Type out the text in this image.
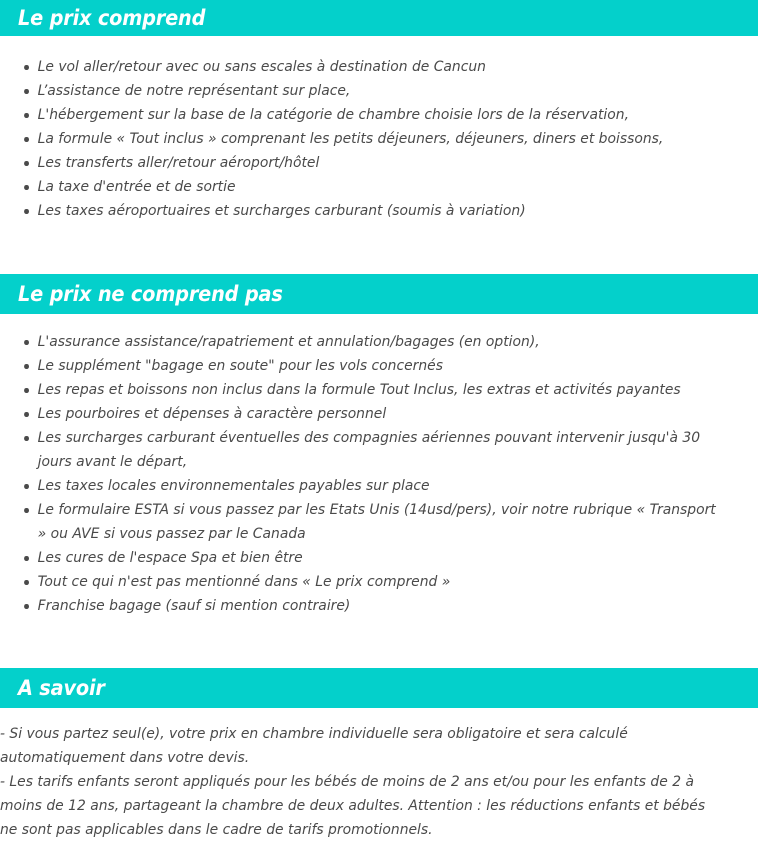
Le prix comprend
Le vol aller/retour avec ou sans escales à destination de Cancun
L’assistance de notre représentant sur place,
L'hébergement sur la base de la catégorie de chambre choisie lors de la réservation,
La formule « Tout inclus » comprenant les petits déjeuners, déjeuners, diners et boissons,
Les transferts aller/retour aéroport/hôtel
La taxe d'entrée et de sortie
Les taxes aéroportuaires et surcharges carburant (soumis à variation)
Le prix ne comprend pas
L'assurance assistance/rapatriement et annulation/bagages (en option),
Le supplément "bagage en soute" pour les vols concernés
Les repas et boissons non inclus dans la formule Tout Inclus, les extras et activités payantes
Les pourboires et dépenses à caractère personnel
Les surcharges carburant éventuelles des compagnies aériennes pouvant intervenir jusqu'à 30 jours avant le départ,
Les taxes locales environnementales payables sur place
Le formulaire ESTA si vous passez par les Etats Unis (14usd/pers), voir notre rubrique « Transport » ou AVE si vous passez par le Canada
Les cures de l'espace Spa et bien être
Tout ce qui n'est pas mentionné dans « Le prix comprend »
Franchise bagage (sauf si mention contraire)
A savoir

- Si vous partez seul(e), votre prix en chambre individuelle sera obligatoire et sera calculé automatiquement dans votre devis.

- Les tarifs enfants seront appliqués pour les bébés de moins de 2 ans et/ou pour les enfants de 2 à moins de 12 ans, partageant la chambre de deux adultes. Attention : les réductions enfants et bébés ne sont pas applicables dans le cadre de tarifs promotionnels.
